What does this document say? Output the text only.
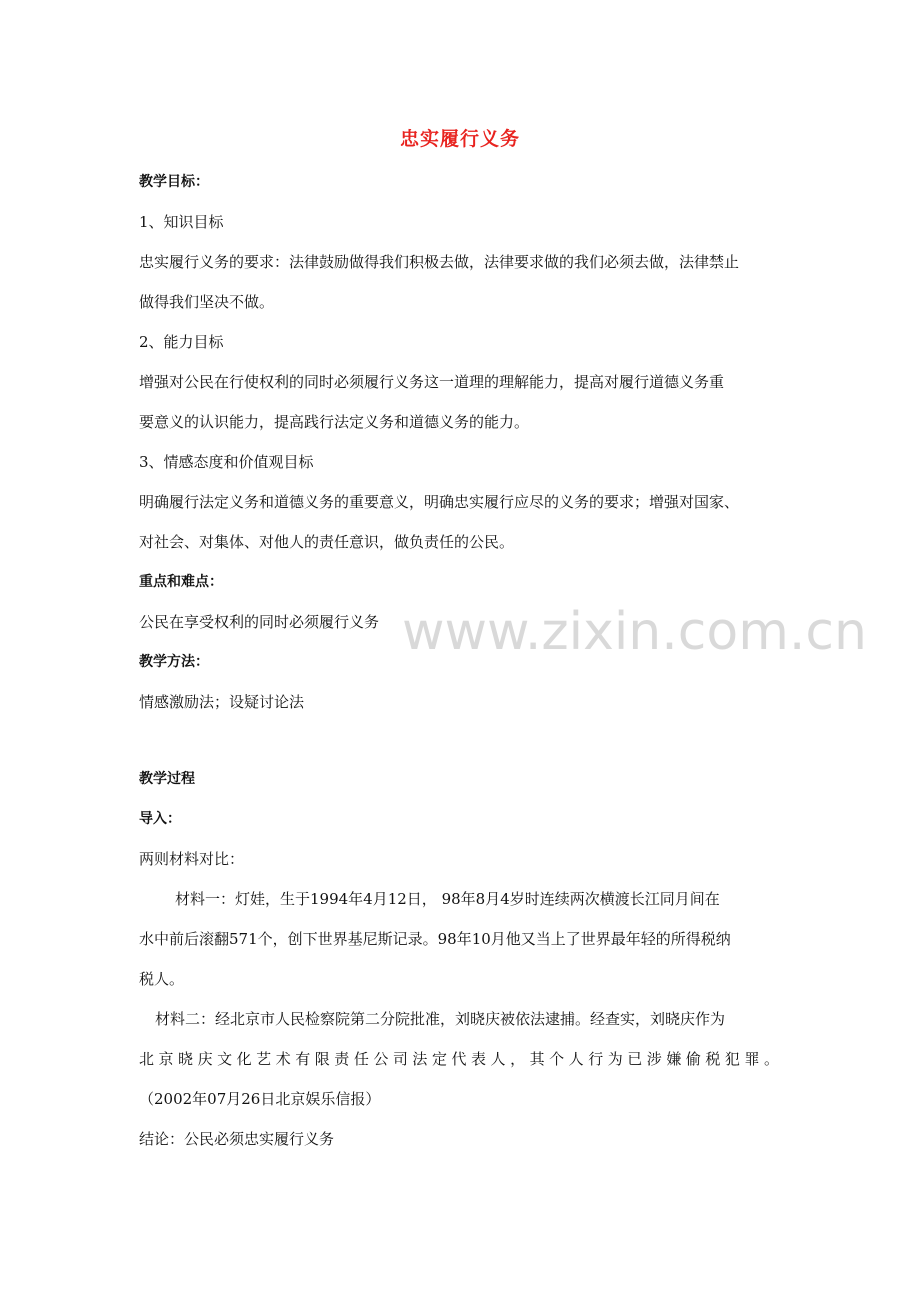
www.zixin.com.cn
忠实履行义务
教学目标：
1、知识目标
忠实履行义务的要求：法律鼓励做得我们积极去做，法律要求做的我们必须去做，法律禁止
做得我们坚决不做。
2、能力目标
增强对公民在行使权利的同时必须履行义务这一道理的理解能力，提高对履行道德义务重
要意义的认识能力，提高践行法定义务和道德义务的能力。
3、情感态度和价值观目标
明确履行法定义务和道德义务的重要意义，明确忠实履行应尽的义务的要求；增强对国家、
对社会、对集体、对他人的责任意识，做负责任的公民。
重点和难点：
公民在享受权利的同时必须履行义务
教学方法：
情感激励法；设疑讨论法
教学过程
导入：
两则材料对比：
材料一：灯娃，生于1994年4月12日， 98年8月4岁时连续两次横渡长江同月间在
水中前后滚翻571个，创下世界基尼斯记录。98年10月他又当上了世界最年轻的所得税纳
税人。
材料二：经北京市人民检察院第二分院批准，刘晓庆被依法逮捕。经查实，刘晓庆作为
北京晓庆文化艺术有限责任公司法定代表人，其个人行为已涉嫌偷税犯罪。
（2002年07月26日北京娱乐信报）
结论：公民必须忠实履行义务
